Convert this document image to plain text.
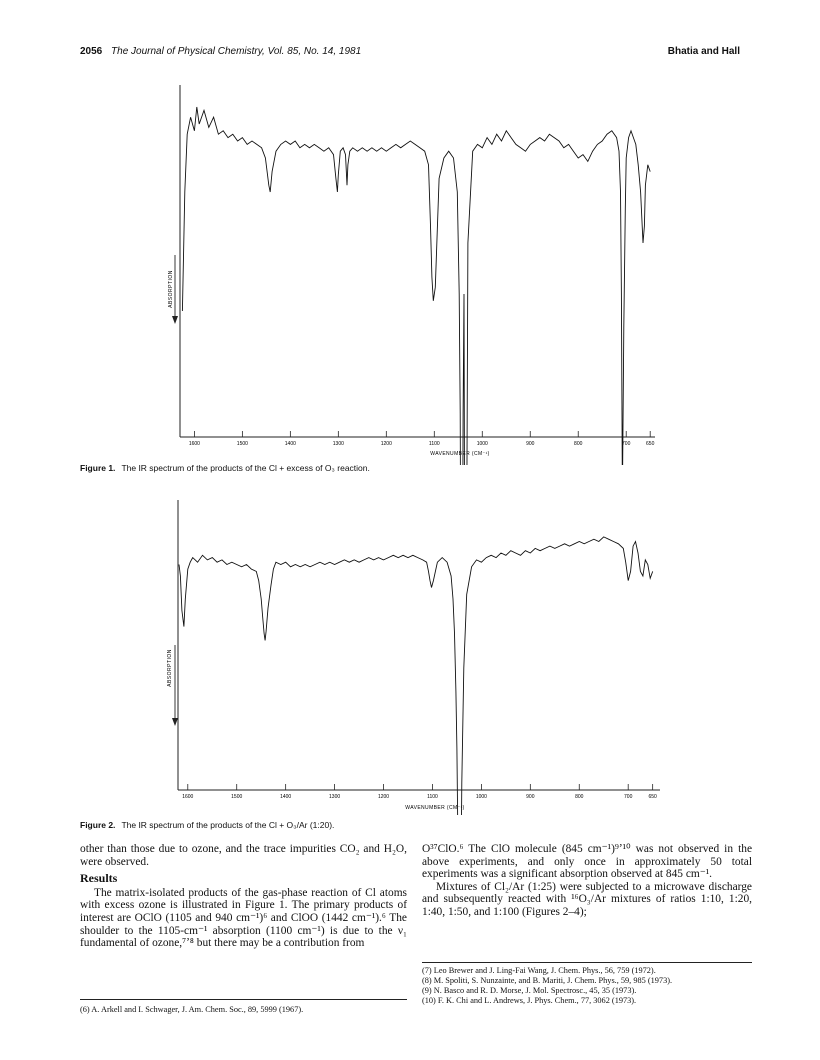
2056 The Journal of Physical Chemistry, Vol. 85, No. 14, 1981	Bhatia and Hall
ABSORPTION
1600	1500	1400	1300	1200	1100	1000	900	800	700	650
WAVENUMBER (CM⁻¹)
Figure 1. The IR spectrum of the products of the Cl + excess of O₃ reaction.
ABSORPTION
1600	1500	1400	1300	1200	1100	1000	900	800	700	650
WAVENUMBER (CM⁻¹)
Figure 2. The IR spectrum of the products of the Cl + O₃/Ar (1:20).

other than those due to ozone, and the trace impurities CO₂ and H₂O, were observed.

Results

The matrix-isolated products of the gas-phase reaction of Cl atoms with excess ozone is illustrated in Figure 1. The primary products of interest are OClO (1105 and 940 cm⁻¹)⁶ and ClOO (1442 cm⁻¹).⁶ The shoulder to the 1105-cm⁻¹ absorption (1100 cm⁻¹) is due to the ν₁ fundamental of ozone,⁷ʼ⁸ but there may be a contribution from

O³⁷ClO.⁶ The ClO molecule (845 cm⁻¹)⁹ʼ¹⁰ was not observed in the above experiments, and only once in approximately 50 total experiments was a significant absorption observed at 845 cm⁻¹.

Mixtures of Cl₂/Ar (1:25) were subjected to a microwave discharge and subsequently reacted with ¹⁶O₃/Ar mixtures of ratios 1:10, 1:20, 1:40, 1:50, and 1:100 (Figures 2–4);

(6) A. Arkell and I. Schwager, J. Am. Chem. Soc., 89, 5999 (1967).
(7) Leo Brewer and J. Ling-Fai Wang, J. Chem. Phys., 56, 759 (1972).
(8) M. Spoliti, S. Nunzainte, and B. Mariti, J. Chem. Phys., 59, 985 (1973).
(9) N. Basco and R. D. Morse, J. Mol. Spectrosc., 45, 35 (1973).
(10) F. K. Chi and L. Andrews, J. Phys. Chem., 77, 3062 (1973).
